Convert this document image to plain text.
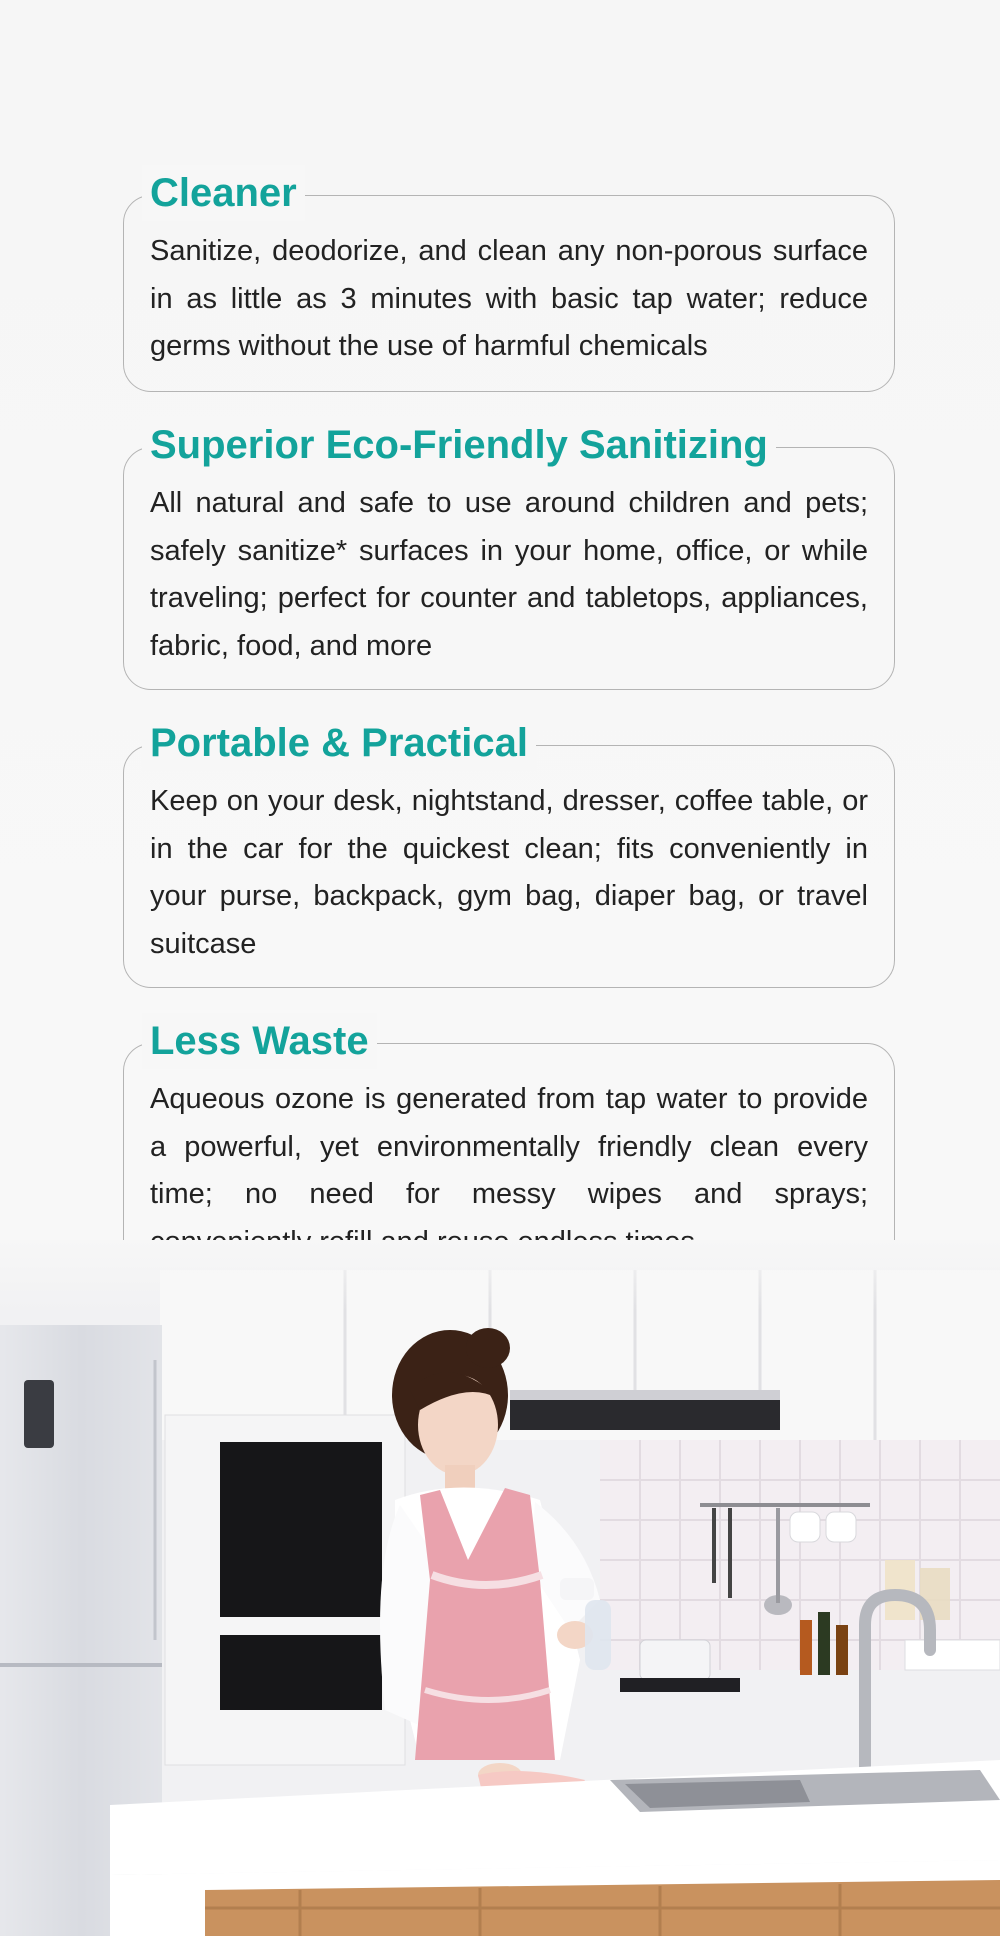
Cleaner

Sanitize, deodorize, and clean any non-porous surface in as little as 3 minutes with basic tap water; reduce germs without the use of harmful chemicals

Superior Eco-Friendly Sanitizing

All natural and safe to use around children and pets; safely sanitize* surfaces in your home, office, or while traveling; perfect for counter and tabletops, appliances, fabric, food, and more

Portable & Practical

Keep on your desk, nightstand, dresser, coffee table, or in the car for the quickest clean; fits conveniently in your purse, backpack, gym bag, diaper bag, or travel suitcase

Less Waste

Aqueous ozone is generated from tap water to provide a powerful, yet environmentally friendly clean every time; no need for messy wipes and sprays;
